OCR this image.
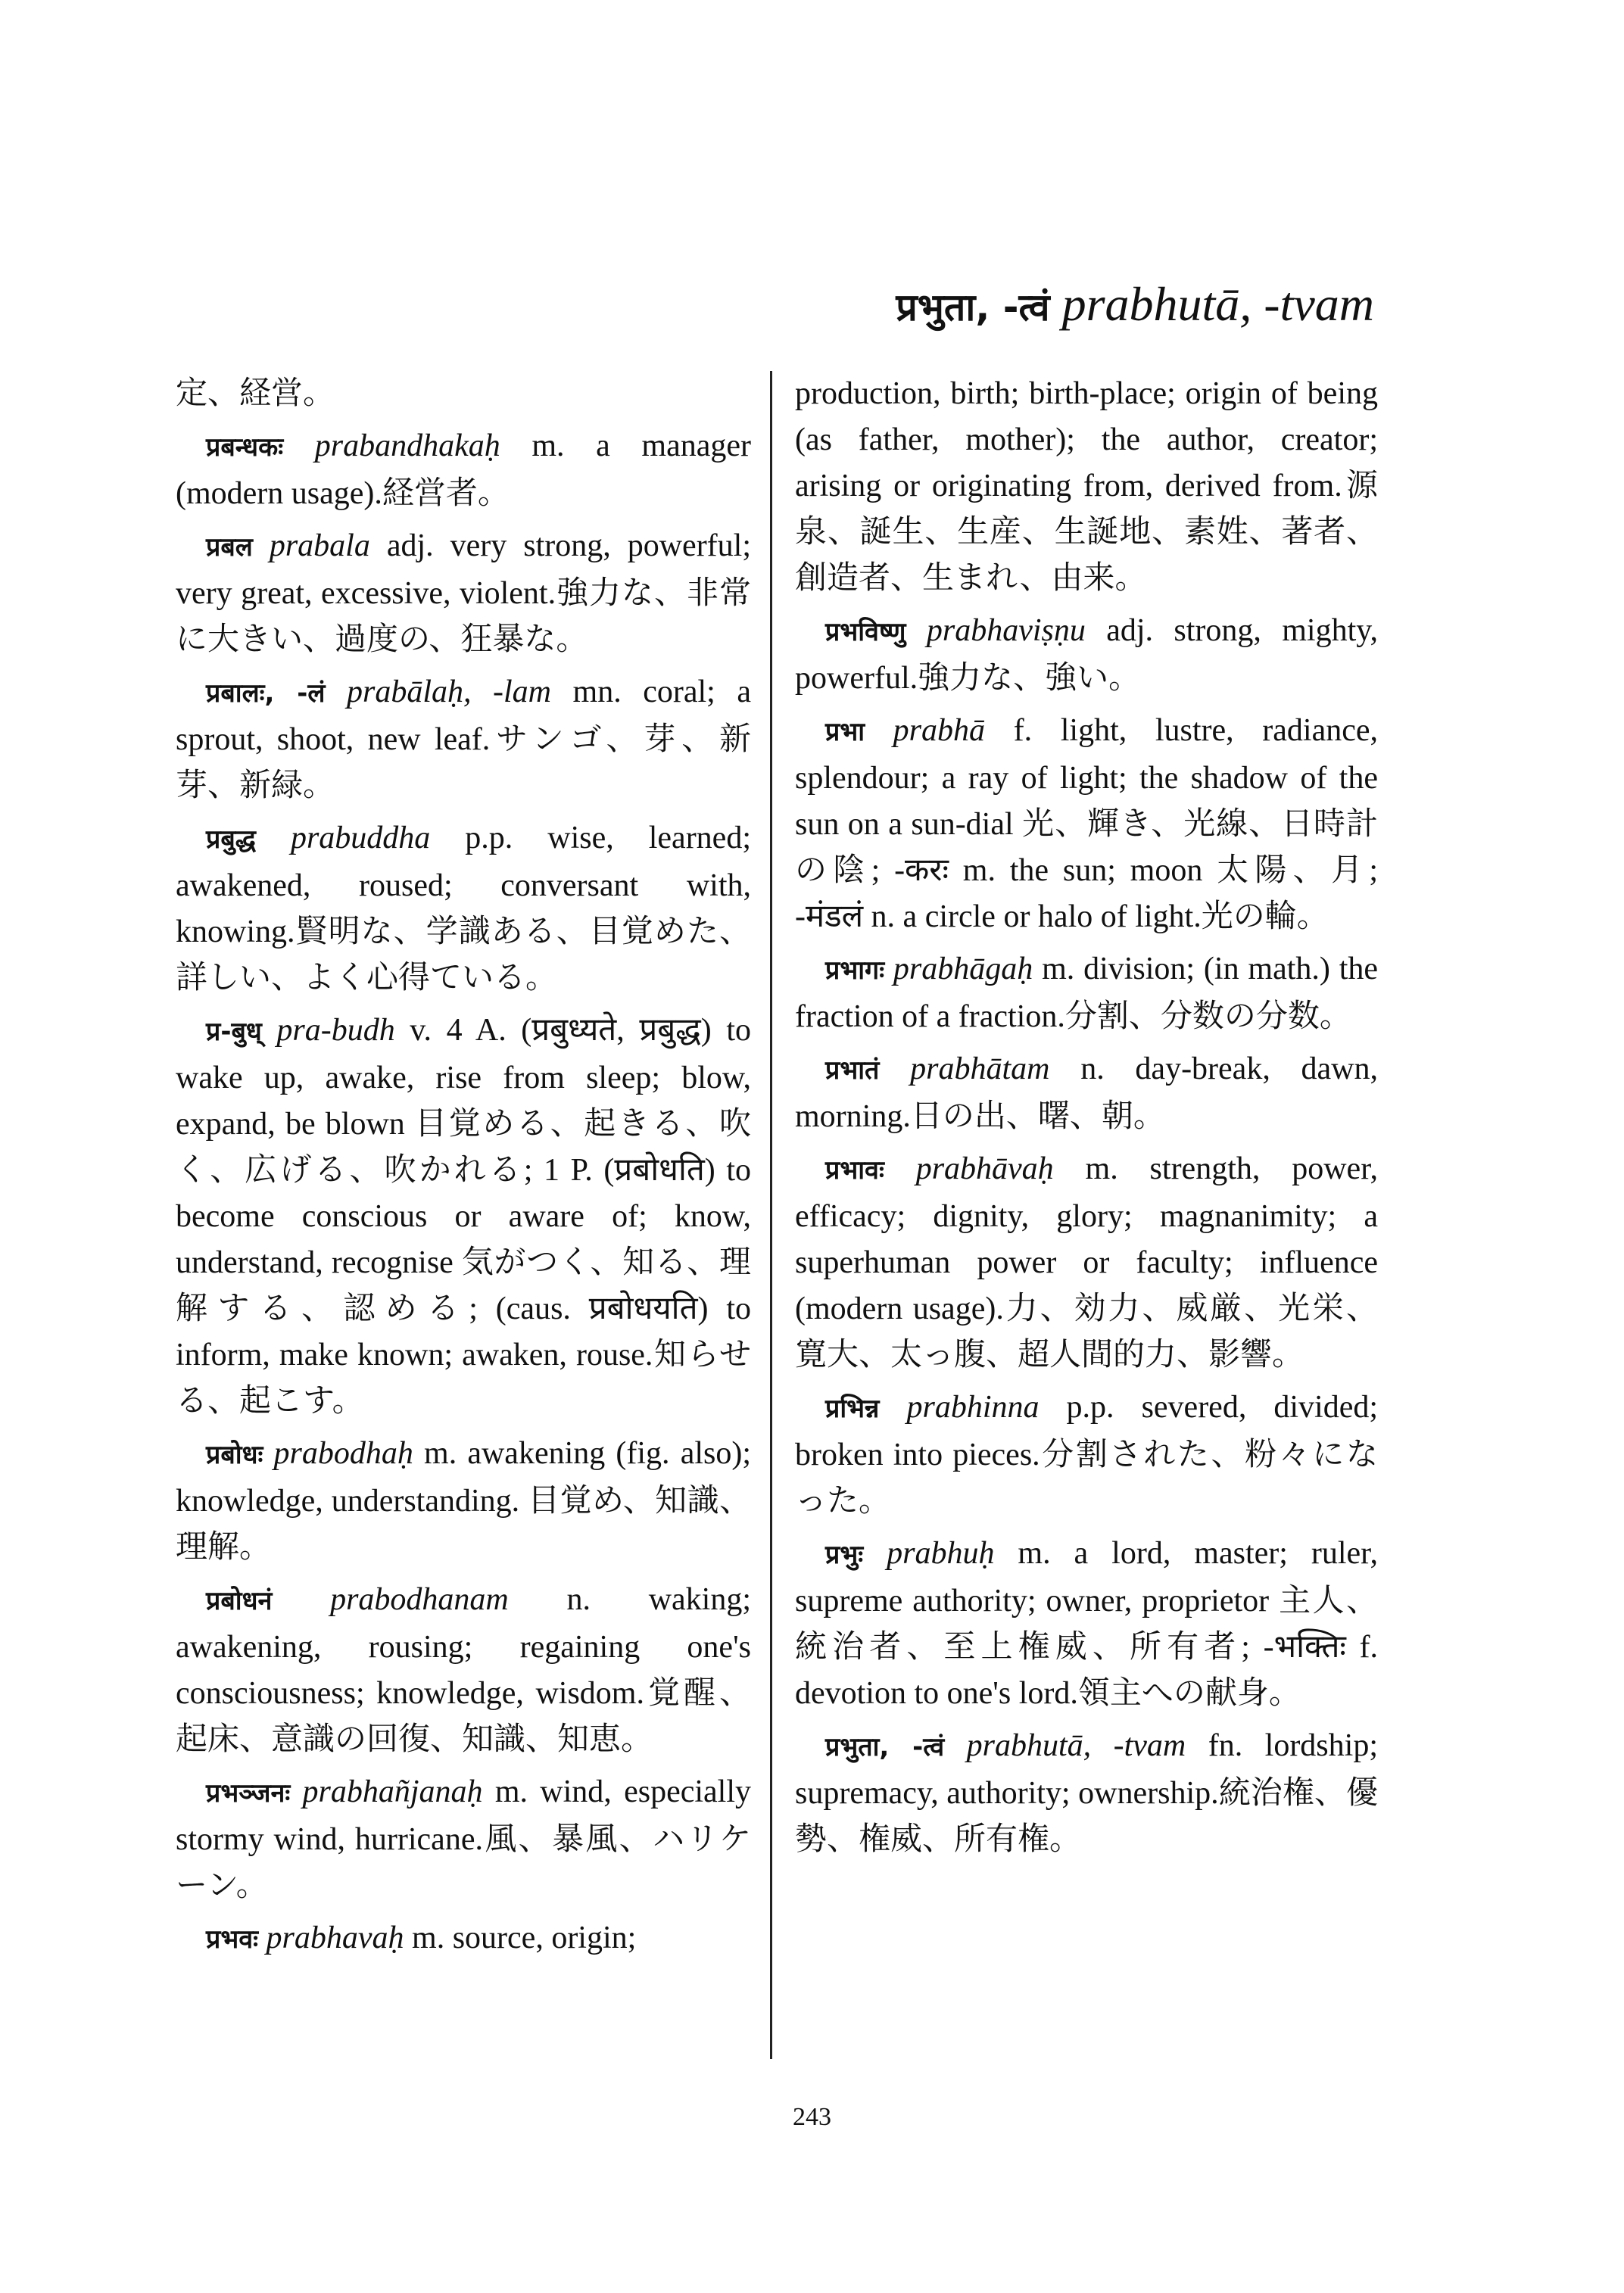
प्रभुता, -त्वं prabhutā, -tvam

定、経営。

प्रबन्धकः prabandhakaḥ m. a manager (modern usage).経営者。

प्रबल prabala adj. very strong, powerful; very great, excessive, violent.強力な、非常に大きい、過度の、狂暴な。

प्रबालः, -लं prabālaḥ, -lam mn. coral; a sprout, shoot, new leaf.サンゴ、芽、新芽、新緑。

प्रबुद्ध prabuddha p.p. wise, learned; awakened, roused; conversant with, knowing.賢明な、学識ある、目覚めた、詳しい、よく心得ている。

प्र-बुध् pra-budh v. 4 A. (प्रबुध्यते, प्रबुद्ध) to wake up, awake, rise from sleep; blow, expand, be blown 目覚める、起きる、吹く、広げる、吹かれる; 1 P. (प्रबोधति) to become conscious or aware of; know, understand, recognise 気がつく、知る、理解する、認める; (caus. प्रबोधयति) to inform, make known; awaken, rouse.知らせる、起こす。

प्रबोधः prabodhaḥ m. awakening (fig. also); knowledge, understanding. 目覚め、知識、理解。

प्रबोधनं prabodhanam n. waking; awakening, rousing; regaining one's consciousness; knowledge, wisdom.覚醒、起床、意識の回復、知識、知恵。

प्रभञ्जनः prabhañjanaḥ m. wind, especially stormy wind, hurricane.風、暴風、ハリケーン。

प्रभवः prabhavaḥ m. source, origin;

production, birth; birth-place; origin of being (as father, mother); the author, creator; arising or originating from, derived from.源泉、誕生、生産、生誕地、素姓、著者、創造者、生まれ、由来。

प्रभविष्णु prabhaviṣṇu adj. strong, mighty, powerful.強力な、強い。

प्रभा prabhā f. light, lustre, radiance, splendour; a ray of light; the shadow of the sun on a sun-dial 光、輝き、光線、日時計の陰; -करः m. the sun; moon 太陽、月; -मंडलं n. a circle or halo of light.光の輪。

प्रभागः prabhāgaḥ m. division; (in math.) the fraction of a fraction.分割、分数の分数。

प्रभातं prabhātam n. day-break, dawn, morning.日の出、曙、朝。

प्रभावः prabhāvaḥ m. strength, power, efficacy; dignity, glory; magnanimity; a superhuman power or faculty; influence (modern usage).力、効力、威厳、光栄、寛大、太っ腹、超人間的力、影響。

प्रभिन्न prabhinna p.p. severed, divided; broken into pieces.分割された、粉々になった。

प्रभुः prabhuḥ m. a lord, master; ruler, supreme authority; owner, proprietor 主人、統治者、至上権威、所有者; -भक्तिः f. devotion to one's lord.領主への献身。

प्रभुता, -त्वं prabhutā, -tvam fn. lordship; supremacy, authority; ownership.統治権、優勢、権威、所有権。

243
